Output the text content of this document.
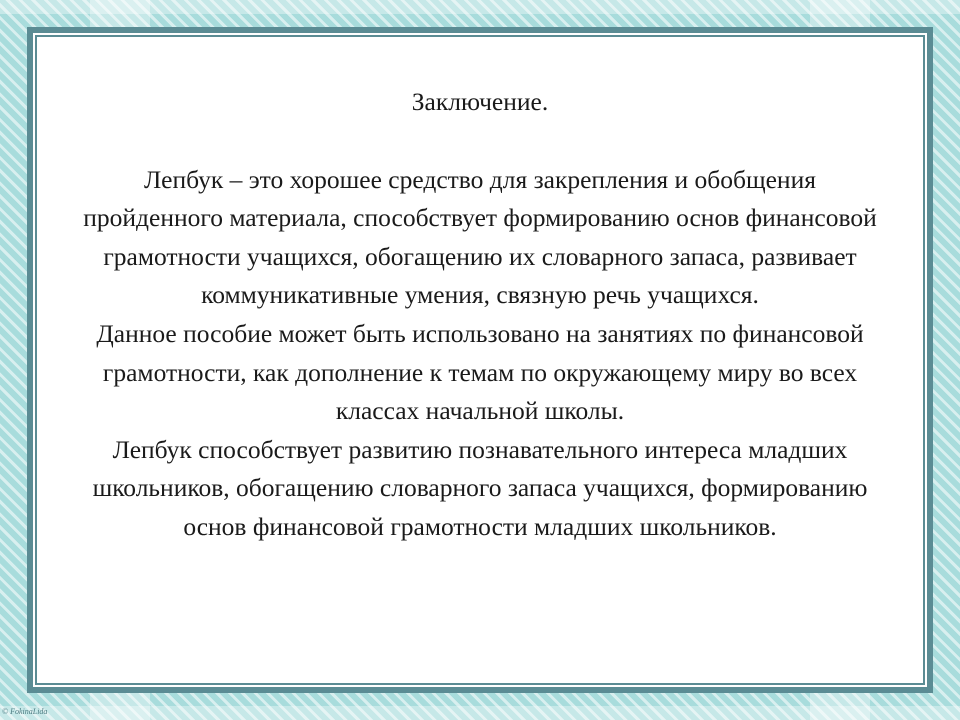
Заключение.

Лепбук – это хорошее средство для закрепления и обобщения пройденного материала, способствует формированию основ финансовой грамотности учащихся, обогащению их словарного запаса, развивает коммуникативные умения, связную речь учащихся.

Данное пособие может быть использовано на занятиях по финансовой грамотности, как дополнение к темам по окружающему миру во всех классах начальной школы.

Лепбук способствует развитию познавательного интереса младших школьников, обогащению словарного запаса учащихся, формированию основ финансовой грамотности младших школьников.

© FokinaLida
